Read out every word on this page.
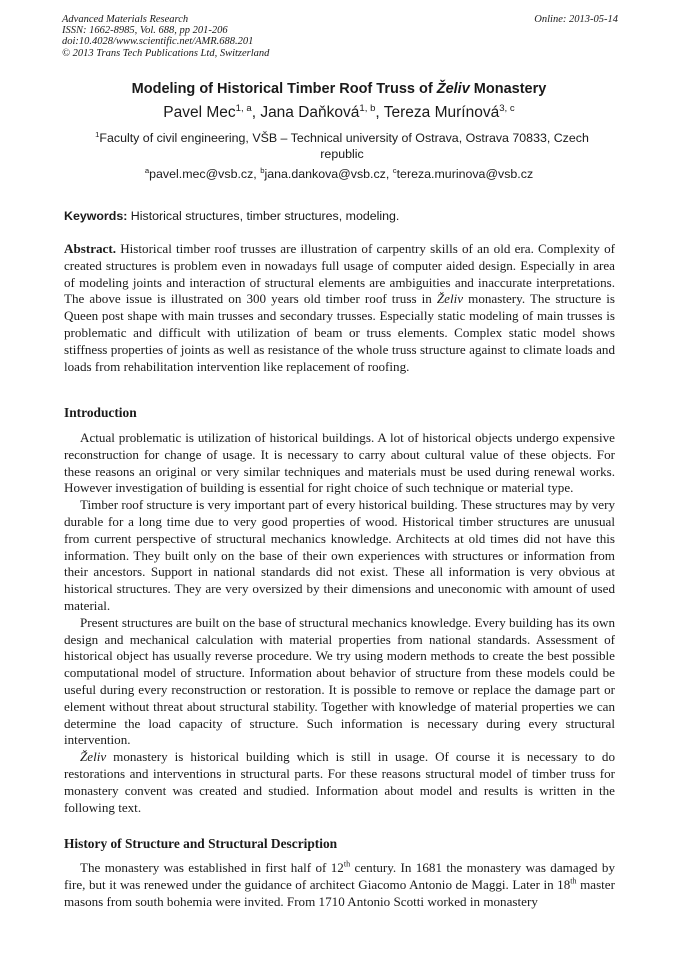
Advanced Materials Research
ISSN: 1662-8985, Vol. 688, pp 201-206
doi:10.4028/www.scientific.net/AMR.688.201
© 2013 Trans Tech Publications Ltd, Switzerland
Online: 2013-05-14
Modeling of Historical Timber Roof Truss of Želiv Monastery
Pavel Mec$^{1, a}$, Jana Daňková$^{1, b}$, Tereza Murínová$^{3, c}$
$^1$Faculty of civil engineering, VŠB – Technical university of Ostrava, Ostrava 70833, Czech republic
$^a$pavel.mec@vsb.cz, $^b$jana.dankova@vsb.cz, $^c$tereza.murinova@vsb.cz
Keywords: Historical structures, timber structures, modeling.

Abstract. Historical timber roof trusses are illustration of carpentry skills of an old era. Complexity of created structures is problem even in nowadays full usage of computer aided design. Especially in area of modeling joints and interaction of structural elements are ambiguities and inaccurate interpretations. The above issue is illustrated on 300 years old timber roof truss in Želiv monastery. The structure is Queen post shape with main trusses and secondary trusses. Especially static modeling of main trusses is problematic and difficult with utilization of beam or truss elements. Complex static model shows stiffness properties of joints as well as resistance of the whole truss structure against to climate loads and loads from rehabilitation intervention like replacement of roofing.

Introduction

Actual problematic is utilization of historical buildings. A lot of historical objects undergo expensive reconstruction for change of usage. It is necessary to carry about cultural value of these objects. For these reasons an original or very similar techniques and materials must be used during renewal works. However investigation of building is essential for right choice of such technique or material type.

Timber roof structure is very important part of every historical building. These structures may by very durable for a long time due to very good properties of wood. Historical timber structures are unusual from current perspective of structural mechanics knowledge. Architects at old times did not have this information. They built only on the base of their own experiences with structures or information from their ancestors. Support in national standards did not exist. These all information is very obvious at historical structures. They are very oversized by their dimensions and uneconomic with amount of used material.

Present structures are built on the base of structural mechanics knowledge. Every building has its own design and mechanical calculation with material properties from national standards. Assessment of historical object has usually reverse procedure. We try using modern methods to create the best possible computational model of structure. Information about behavior of structure from these models could be useful during every reconstruction or restoration. It is possible to remove or replace the damage part or element without threat about structural stability. Together with knowledge of material properties we can determine the load capacity of structure. Such information is necessary during every structural intervention.

Želiv monastery is historical building which is still in usage. Of course it is necessary to do restorations and interventions in structural parts. For these reasons structural model of timber truss for monastery convent was created and studied. Information about model and results is written in the following text.

History of Structure and Structural Description

The monastery was established in first half of 12th century. In 1681 the monastery was damaged by fire, but it was renewed under the guidance of architect Giacomo Antonio de Maggi. Later in 18th master masons from south bohemia were invited. From 1710 Antonio Scotti worked in monastery
